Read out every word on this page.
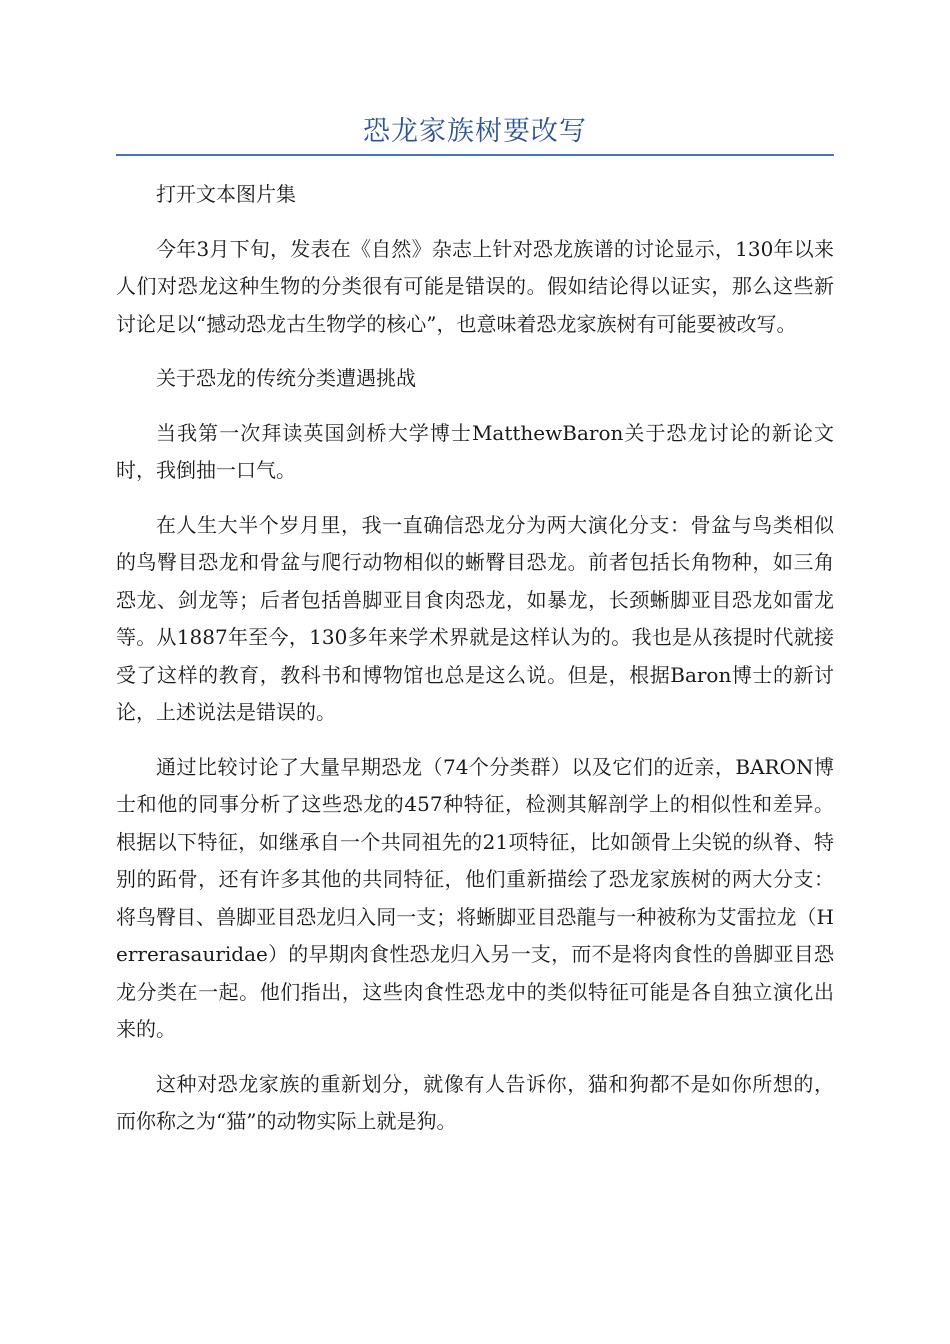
恐龙家族树要改写

打开文本图片集

今年3月下旬，发表在《自然》杂志上针对恐龙族谱的讨论显示，130年以来人们对恐龙这种生物的分类很有可能是错误的。假如结论得以证实，那么这些新讨论足以“撼动恐龙古生物学的核心”，也意味着恐龙家族树有可能要被改写。

关于恐龙的传统分类遭遇挑战

当我第一次拜读英国剑桥大学博士MatthewBaron关于恐龙讨论的新论文时，我倒抽一口气。

在人生大半个岁月里，我一直确信恐龙分为两大演化分支：骨盆与鸟类相似的鸟臀目恐龙和骨盆与爬行动物相似的蜥臀目恐龙。前者包括长角物种，如三角恐龙、剑龙等；后者包括兽脚亚目食肉恐龙，如暴龙，长颈蜥脚亚目恐龙如雷龙等。从1887年至今，130多年来学术界就是这样认为的。我也是从孩提时代就接受了这样的教育，教科书和博物馆也总是这么说。但是，根据Baron博士的新讨论，上述说法是错误的。

通过比较讨论了大量早期恐龙（74个分类群）以及它们的近亲，BARON博士和他的同事分析了这些恐龙的457种特征，检测其解剖学上的相似性和差异。根据以下特征，如继承自一个共同祖先的21项特征，比如颌骨上尖锐的纵脊、特别的跖骨，还有许多其他的共同特征，他们重新描绘了恐龙家族树的两大分支：将鸟臀目、兽脚亚目恐龙归入同一支；将蜥脚亚目恐龍与一种被称为艾雷拉龙（Herrerasauridae）的早期肉食性恐龙归入另一支，而不是将肉食性的兽脚亚目恐龙分类在一起。他们指出，这些肉食性恐龙中的类似特征可能是各自独立演化出来的。

这种对恐龙家族的重新划分，就像有人告诉你，猫和狗都不是如你所想的，而你称之为“猫”的动物实际上就是狗。
